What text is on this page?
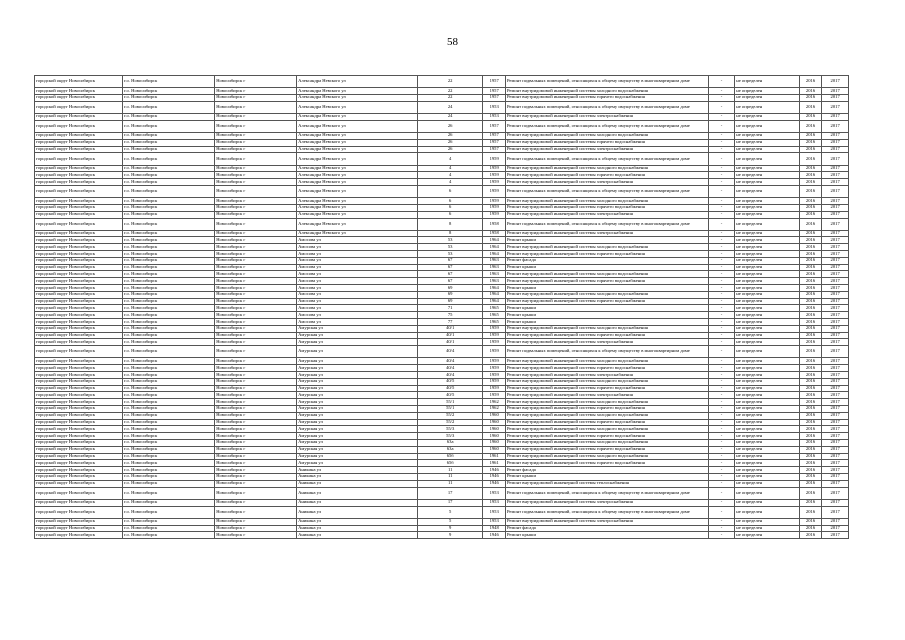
58
городской округ Новосибирск	г.о. Новосибирск	Новосибирск г	Александра Невского ул	22	1957	Ремонт подвальных помещений, относящихся к общему имуществу в многоквартирном доме	-	не определен	2016	2017
городской округ Новосибирск	г.о. Новосибирск	Новосибирск г	Александра Невского ул	22	1957	Ремонт внутридомовой инженерной системы холодного водоснабжения	-	не определен	2016	2017
городской округ Новосибирск	г.о. Новосибирск	Новосибирск г	Александра Невского ул	22	1957	Ремонт внутридомовой инженерной системы горячего водоснабжения	-	не определен	2016	2017
городской округ Новосибирск	г.о. Новосибирск	Новосибирск г	Александра Невского ул	24	1953	Ремонт подвальных помещений, относящихся к общему имуществу в многоквартирном доме	-	не определен	2016	2017
городской округ Новосибирск	г.о. Новосибирск	Новосибирск г	Александра Невского ул	24	1953	Ремонт внутридомовой инженерной системы электроснабжения	-	не определен	2016	2017
городской округ Новосибирск	г.о. Новосибирск	Новосибирск г	Александра Невского ул	26	1957	Ремонт подвальных помещений, относящихся к общему имуществу в многоквартирном доме	-	не определен	2016	2017
городской округ Новосибирск	г.о. Новосибирск	Новосибирск г	Александра Невского ул	26	1957	Ремонт внутридомовой инженерной системы холодного водоснабжения	-	не определен	2016	2017
городской округ Новосибирск	г.о. Новосибирск	Новосибирск г	Александра Невского ул	26	1957	Ремонт внутридомовой инженерной системы горячего водоснабжения	-	не определен	2016	2017
городской округ Новосибирск	г.о. Новосибирск	Новосибирск г	Александра Невского ул	26	1957	Ремонт внутридомовой инженерной системы электроснабжения	-	не определен	2016	2017
городской округ Новосибирск	г.о. Новосибирск	Новосибирск г	Александра Невского ул	4	1959	Ремонт подвальных помещений, относящихся к общему имуществу в многоквартирном доме	-	не определен	2016	2017
городской округ Новосибирск	г.о. Новосибирск	Новосибирск г	Александра Невского ул	4	1959	Ремонт внутридомовой инженерной системы холодного водоснабжения	-	не определен	2016	2017
городской округ Новосибирск	г.о. Новосибирск	Новосибирск г	Александра Невского ул	4	1959	Ремонт внутридомовой инженерной системы горячего водоснабжения	-	не определен	2016	2017
городской округ Новосибирск	г.о. Новосибирск	Новосибирск г	Александра Невского ул	4	1959	Ремонт внутридомовой инженерной системы электроснабжения	-	не определен	2016	2017
городской округ Новосибирск	г.о. Новосибирск	Новосибирск г	Александра Невского ул	6	1959	Ремонт подвальных помещений, относящихся к общему имуществу в многоквартирном доме	-	не определен	2016	2017
городской округ Новосибирск	г.о. Новосибирск	Новосибирск г	Александра Невского ул	6	1959	Ремонт внутридомовой инженерной системы холодного водоснабжения	-	не определен	2016	2017
городской округ Новосибирск	г.о. Новосибирск	Новосибирск г	Александра Невского ул	6	1959	Ремонт внутридомовой инженерной системы горячего водоснабжения	-	не определен	2016	2017
городской округ Новосибирск	г.о. Новосибирск	Новосибирск г	Александра Невского ул	6	1959	Ремонт внутридомовой инженерной системы электроснабжения	-	не определен	2016	2017
городской округ Новосибирск	г.о. Новосибирск	Новосибирск г	Александра Невского ул	8	1958	Ремонт подвальных помещений, относящихся к общему имуществу в многоквартирном доме	-	не определен	2016	2017
городской округ Новосибирск	г.о. Новосибирск	Новосибирск г	Александра Невского ул	8	1958	Ремонт внутридомовой инженерной системы электроснабжения	-	не определен	2016	2017
городской округ Новосибирск	г.о. Новосибирск	Новосибирск г	Амосова ул	53	1964	Ремонт крыши	-	не определен	2016	2017
городской округ Новосибирск	г.о. Новосибирск	Новосибирск г	Амосова ул	53	1964	Ремонт внутридомовой инженерной системы холодного водоснабжения	-	не определен	2016	2017
городской округ Новосибирск	г.о. Новосибирск	Новосибирск г	Амосова ул	53	1964	Ремонт внутридомовой инженерной системы горячего водоснабжения	-	не определен	2016	2017
городской округ Новосибирск	г.о. Новосибирск	Новосибирск г	Амосова ул	67	1963	Ремонт фасада	-	не определен	2016	2017
городской округ Новосибирск	г.о. Новосибирск	Новосибирск г	Амосова ул	67	1963	Ремонт крыши	-	не определен	2016	2017
городской округ Новосибирск	г.о. Новосибирск	Новосибирск г	Амосова ул	67	1963	Ремонт внутридомовой инженерной системы холодного водоснабжения	-	не определен	2016	2017
городской округ Новосибирск	г.о. Новосибирск	Новосибирск г	Амосова ул	67	1963	Ремонт внутридомовой инженерной системы горячего водоснабжения	-	не определен	2016	2017
городской округ Новосибирск	г.о. Новосибирск	Новосибирск г	Амосова ул	69	1964	Ремонт крыши	-	не определен	2016	2017
городской округ Новосибирск	г.о. Новосибирск	Новосибирск г	Амосова ул	69	1964	Ремонт внутридомовой инженерной системы холодного водоснабжения	-	не определен	2016	2017
городской округ Новосибирск	г.о. Новосибирск	Новосибирск г	Амосова ул	69	1964	Ремонт внутридомовой инженерной системы горячего водоснабжения	-	не определен	2016	2017
городской округ Новосибирск	г.о. Новосибирск	Новосибирск г	Амосова ул	71	1965	Ремонт крыши	-	не определен	2016	2017
городской округ Новосибирск	г.о. Новосибирск	Новосибирск г	Амосова ул	75	1965	Ремонт крыши	-	не определен	2016	2017
городской округ Новосибирск	г.о. Новосибирск	Новосибирск г	Амосова ул	77	1965	Ремонт крыши	-	не определен	2016	2017
городской округ Новосибирск	г.о. Новосибирск	Новосибирск г	Амурская ул	40/1	1959	Ремонт внутридомовой инженерной системы холодного водоснабжения	-	не определен	2016	2017
городской округ Новосибирск	г.о. Новосибирск	Новосибирск г	Амурская ул	40/1	1959	Ремонт внутридомовой инженерной системы горячего водоснабжения	-	не определен	2016	2017
городской округ Новосибирск	г.о. Новосибирск	Новосибирск г	Амурская ул	40/1	1959	Ремонт внутридомовой инженерной системы электроснабжения	-	не определен	2016	2017
городской округ Новосибирск	г.о. Новосибирск	Новосибирск г	Амурская ул	40/4	1959	Ремонт подвальных помещений, относящихся к общему имуществу в многоквартирном доме	-	не определен	2016	2017
городской округ Новосибирск	г.о. Новосибирск	Новосибирск г	Амурская ул	40/4	1959	Ремонт внутридомовой инженерной системы холодного водоснабжения	-	не определен	2016	2017
городской округ Новосибирск	г.о. Новосибирск	Новосибирск г	Амурская ул	40/4	1959	Ремонт внутридомовой инженерной системы горячего водоснабжения	-	не определен	2016	2017
городской округ Новосибирск	г.о. Новосибирск	Новосибирск г	Амурская ул	40/4	1959	Ремонт внутридомовой инженерной системы электроснабжения	-	не определен	2016	2017
городской округ Новосибирск	г.о. Новосибирск	Новосибирск г	Амурская ул	40/5	1959	Ремонт внутридомовой инженерной системы холодного водоснабжения	-	не определен	2016	2017
городской округ Новосибирск	г.о. Новосибирск	Новосибирск г	Амурская ул	40/5	1959	Ремонт внутридомовой инженерной системы горячего водоснабжения	-	не определен	2016	2017
городской округ Новосибирск	г.о. Новосибирск	Новосибирск г	Амурская ул	40/5	1959	Ремонт внутридомовой инженерной системы электроснабжения	-	не определен	2016	2017
городской округ Новосибирск	г.о. Новосибирск	Новосибирск г	Амурская ул	55/1	1962	Ремонт внутридомовой инженерной системы холодного водоснабжения	-	не определен	2016	2017
городской округ Новосибирск	г.о. Новосибирск	Новосибирск г	Амурская ул	55/1	1962	Ремонт внутридомовой инженерной системы горячего водоснабжения	-	не определен	2016	2017
городской округ Новосибирск	г.о. Новосибирск	Новосибирск г	Амурская ул	55/2	1960	Ремонт внутридомовой инженерной системы холодного водоснабжения	-	не определен	2016	2017
городской округ Новосибирск	г.о. Новосибирск	Новосибирск г	Амурская ул	55/2	1960	Ремонт внутридомовой инженерной системы горячего водоснабжения	-	не определен	2016	2017
городской округ Новосибирск	г.о. Новосибирск	Новосибирск г	Амурская ул	55/3	1960	Ремонт внутридомовой инженерной системы холодного водоснабжения	-	не определен	2016	2017
городской округ Новосибирск	г.о. Новосибирск	Новосибирск г	Амурская ул	55/3	1960	Ремонт внутридомовой инженерной системы горячего водоснабжения	-	не определен	2016	2017
городской округ Новосибирск	г.о. Новосибирск	Новосибирск г	Амурская ул	63а	1960	Ремонт внутридомовой инженерной системы холодного водоснабжения	-	не определен	2016	2017
городской округ Новосибирск	г.о. Новосибирск	Новосибирск г	Амурская ул	63а	1960	Ремонт внутридомовой инженерной системы горячего водоснабжения	-	не определен	2016	2017
городской округ Новосибирск	г.о. Новосибирск	Новосибирск г	Амурская ул	65б	1961	Ремонт внутридомовой инженерной системы холодного водоснабжения	-	не определен	2016	2017
городской округ Новосибирск	г.о. Новосибирск	Новосибирск г	Амурская ул	65б	1961	Ремонт внутридомовой инженерной системы горячего водоснабжения	-	не определен	2016	2017
городской округ Новосибирск	г.о. Новосибирск	Новосибирск г	Аникина ул	11	1946	Ремонт фасада	-	не определен	2016	2017
городской округ Новосибирск	г.о. Новосибирск	Новосибирск г	Аникина ул	11	1946	Ремонт крыши	-	не определен	2016	2017
городской округ Новосибирск	г.о. Новосибирск	Новосибирск г	Аникина ул	11	1946	Ремонт внутридомовой инженерной системы теплоснабжения	-	не определен	2016	2017
городской округ Новосибирск	г.о. Новосибирск	Новосибирск г	Аникина ул	17	1953	Ремонт подвальных помещений, относящихся к общему имуществу в многоквартирном доме	-	не определен	2016	2017
городской округ Новосибирск	г.о. Новосибирск	Новосибирск г	Аникина ул	17	1953	Ремонт внутридомовой инженерной системы электроснабжения	-	не определен	2016	2017
городской округ Новосибирск	г.о. Новосибирск	Новосибирск г	Аникина ул	5	1953	Ремонт подвальных помещений, относящихся к общему имуществу в многоквартирном доме	-	не определен	2016	2017
городской округ Новосибирск	г.о. Новосибирск	Новосибирск г	Аникина ул	5	1953	Ремонт внутридомовой инженерной системы электроснабжения	-	не определен	2016	2017
городской округ Новосибирск	г.о. Новосибирск	Новосибирск г	Аникина ул	9	1948	Ремонт фасада	-	не определен	2016	2017
городской округ Новосибирск	г.о. Новосибирск	Новосибирск г	Аникина ул	9	1946	Ремонт крыши	-	не определен	2016	2017
